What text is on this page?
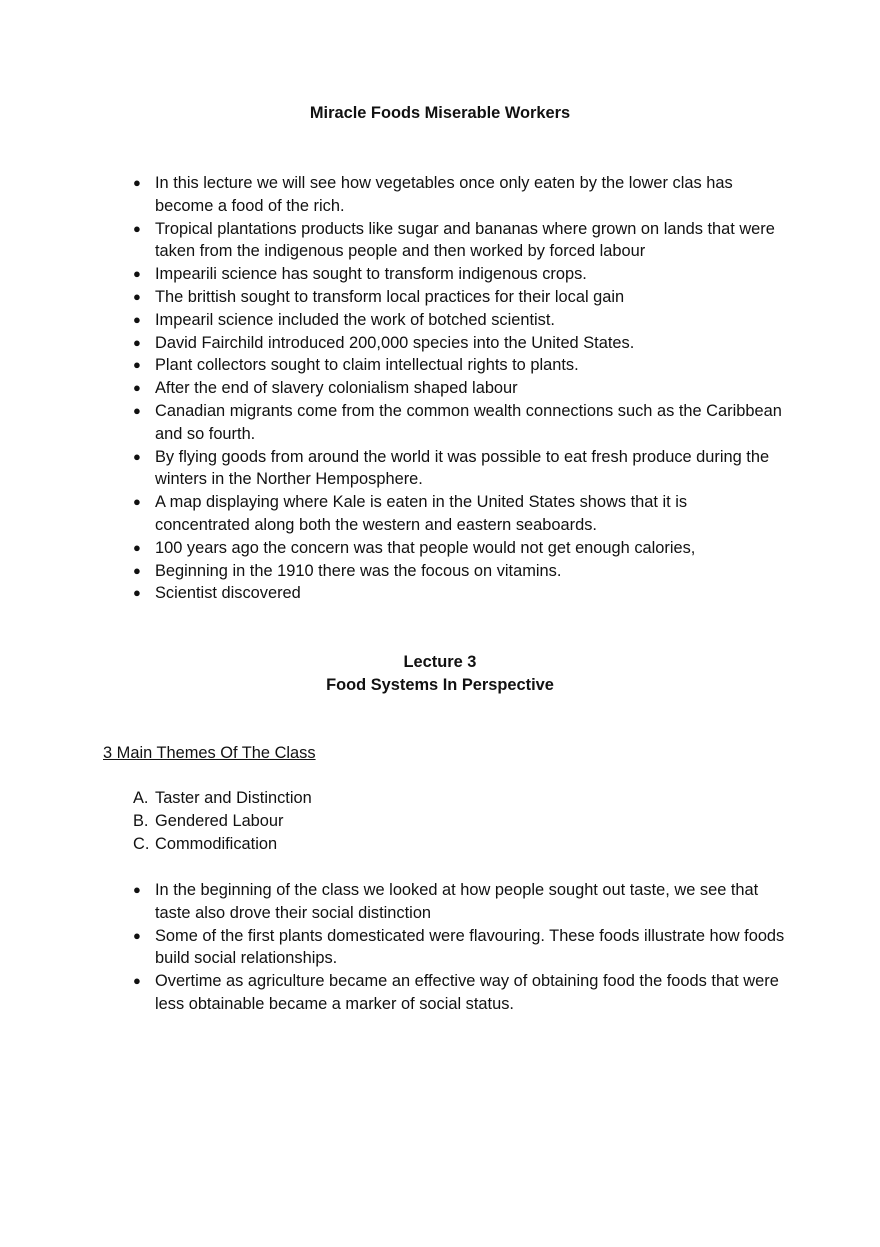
Miracle Foods Miserable Workers
● In this lecture we will see how vegetables once only eaten by the lower clas has become a food of the rich.
● Tropical plantations products like sugar and bananas where grown on lands that were taken from the indigenous people and then worked by forced labour
● Impearili science has sought to transform indigenous crops.
● The brittish sought to transform local practices for their local gain
● Impearil science included the work of botched scientist.
● David Fairchild introduced 200,000 species into the United States.
● Plant collectors sought to claim intellectual rights to plants.
● After the end of slavery colonialism shaped labour
● Canadian migrants come from the common wealth connections such as the Caribbean and so fourth.
● By flying goods from around the world it was possible to eat fresh produce during the winters in the Norther Hemposphere.
● A map displaying where Kale is eaten in the United States shows that it is concentrated along both the western and eastern seaboards.
● 100 years ago the concern was that people would not get enough calories,
● Beginning in the 1910 there was the focous on vitamins.
● Scientist discovered
Lecture 3
Food Systems In Perspective
3 Main Themes Of The Class
A. Taster and Distinction
B. Gendered Labour
C. Commodification
● In the beginning of the class we looked at how people sought out taste, we see that taste also drove their social distinction
● Some of the first plants domesticated were flavouring. These foods illustrate how foods build social relationships.
● Overtime as agriculture became an effective way of obtaining food the foods that were less obtainable became a marker of social status.
